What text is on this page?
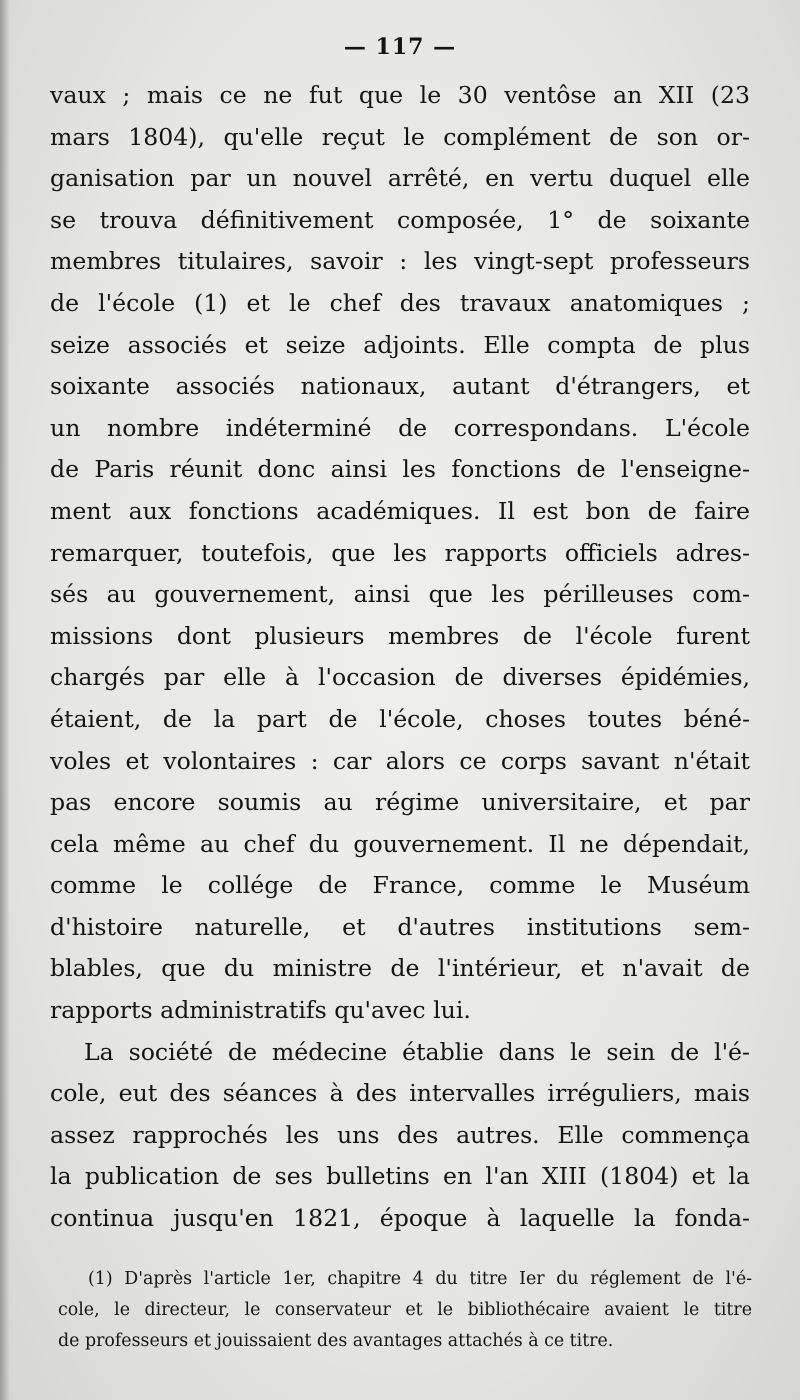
— 117 —
vaux ; mais ce ne fut que le 30 ventôse an XII (23
mars 1804), qu'elle reçut le complément de son or-
ganisation par un nouvel arrêté, en vertu duquel elle
se trouva définitivement composée, 1° de soixante
membres titulaires, savoir : les vingt-sept professeurs
de l'école (1) et le chef des travaux anatomiques ;
seize associés et seize adjoints. Elle compta de plus
soixante associés nationaux, autant d'étrangers, et
un nombre indéterminé de correspondans. L'école
de Paris réunit donc ainsi les fonctions de l'enseigne-
ment aux fonctions académiques. Il est bon de faire
remarquer, toutefois, que les rapports officiels adres-
sés au gouvernement, ainsi que les périlleuses com-
missions dont plusieurs membres de l'école furent
chargés par elle à l'occasion de diverses épidémies,
étaient, de la part de l'école, choses toutes béné-
voles et volontaires : car alors ce corps savant n'était
pas encore soumis au régime universitaire, et par
cela même au chef du gouvernement. Il ne dépendait,
comme le collége de France, comme le Muséum
d'histoire naturelle, et d'autres institutions sem-
blables, que du ministre de l'intérieur, et n'avait de
rapports administratifs qu'avec lui.
La société de médecine établie dans le sein de l'é-
cole, eut des séances à des intervalles irréguliers, mais
assez rapprochés les uns des autres. Elle commença
la publication de ses bulletins en l'an XIII (1804) et la
continua jusqu'en 1821, époque à laquelle la fonda-
(1) D'après l'article 1er, chapitre 4 du titre Ier du réglement de l'é-
cole, le directeur, le conservateur et le bibliothécaire avaient le titre
de professeurs et jouissaient des avantages attachés à ce titre.
